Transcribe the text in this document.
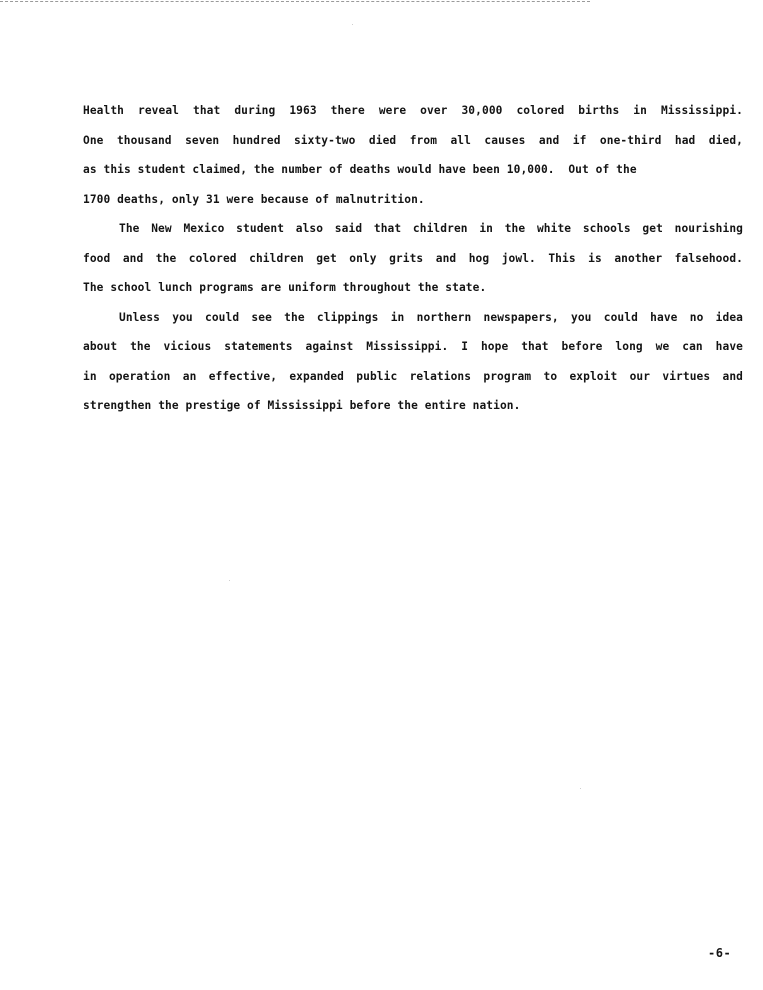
Health reveal that during 1963 there were over 30,000 colored births in Mississippi.
One thousand seven hundred sixty-two died from all causes and if one-third had died,
as this student claimed, the number of deaths would have been 10,000.  Out of the
1700 deaths, only 31 were because of malnutrition.
The New Mexico student also said that children in the white schools get nourishing
food and the colored children get only grits and hog jowl. This is another falsehood.
The school lunch programs are uniform throughout the state.
Unless you could see the clippings in northern newspapers, you could have no idea
about the vicious statements against Mississippi. I hope that before long we can have
in operation an effective, expanded public relations program to exploit our virtues and
strengthen the prestige of Mississippi before the entire nation.
-6-
